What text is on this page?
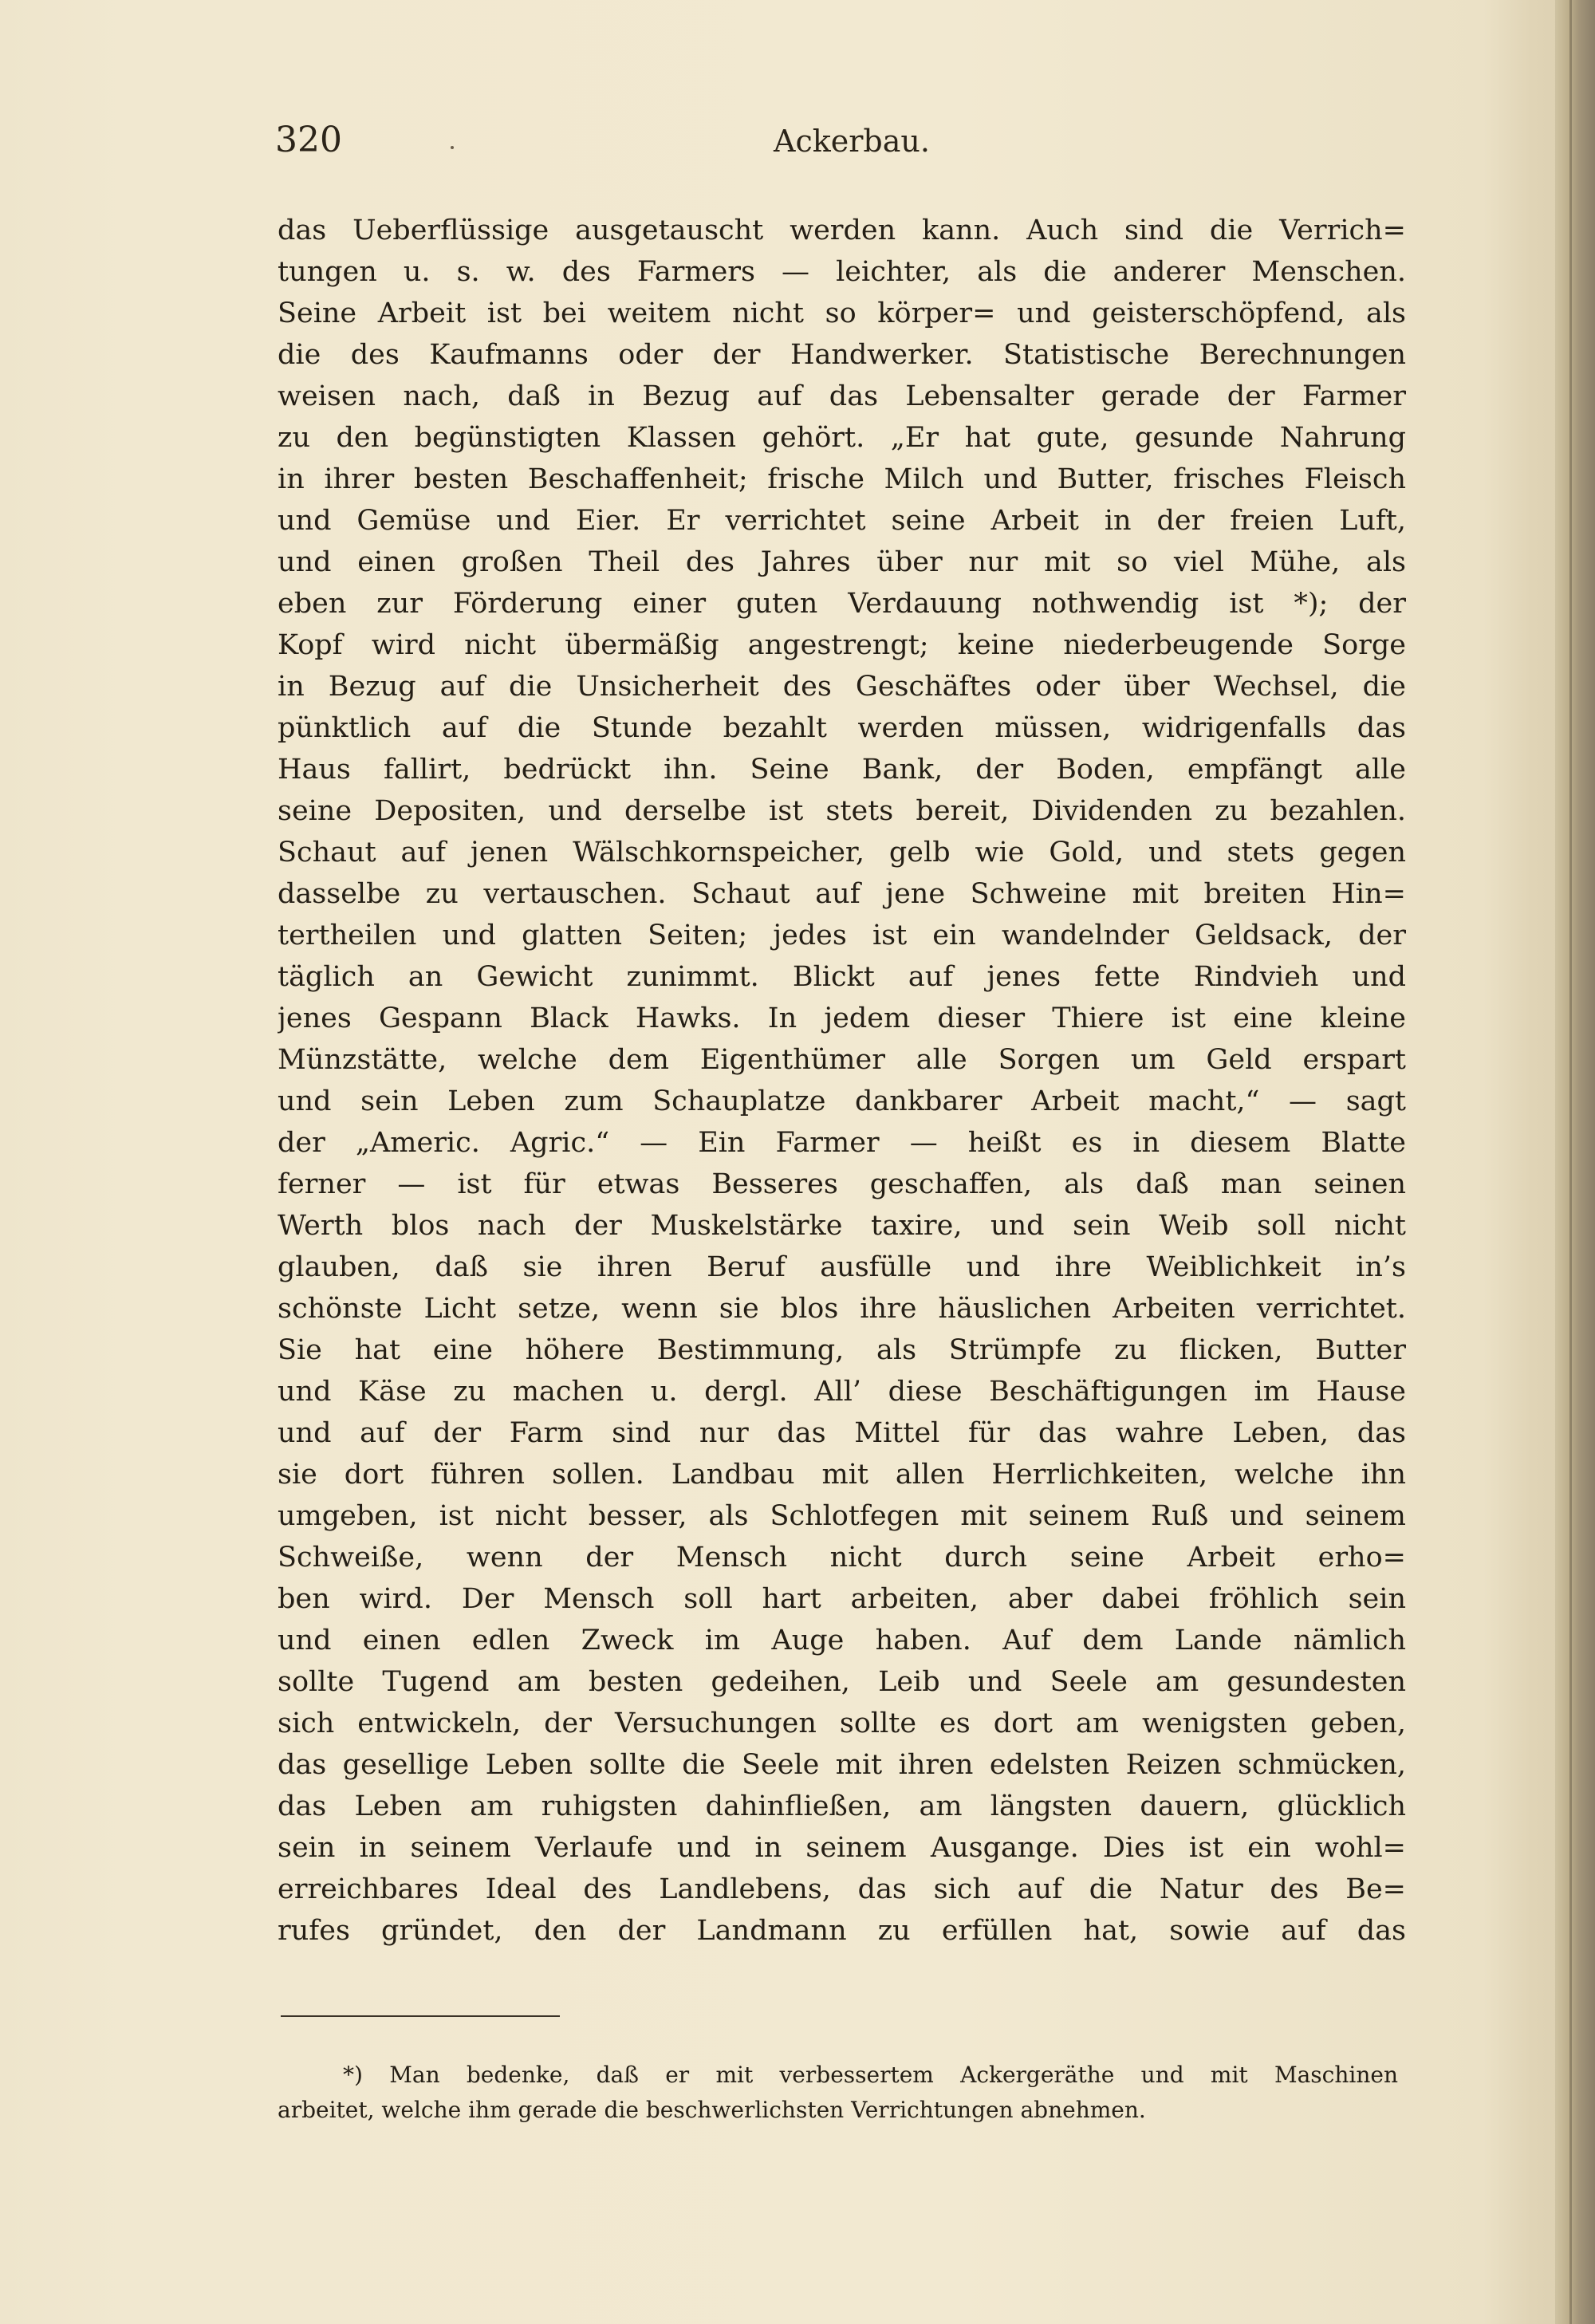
320	Ackerbau.
das Ueberflüssige ausgetauscht werden kann. Auch sind die Verrich=
tungen u. s. w. des Farmers — leichter, als die anderer Menschen.
Seine Arbeit ist bei weitem nicht so körper= und geisterschöpfend, als
die des Kaufmanns oder der Handwerker. Statistische Berechnungen
weisen nach, daß in Bezug auf das Lebensalter gerade der Farmer
zu den begünstigten Klassen gehört. „Er hat gute, gesunde Nahrung
in ihrer besten Beschaffenheit; frische Milch und Butter, frisches Fleisch
und Gemüse und Eier. Er verrichtet seine Arbeit in der freien Luft,
und einen großen Theil des Jahres über nur mit so viel Mühe, als
eben zur Förderung einer guten Verdauung nothwendig ist *); der
Kopf wird nicht übermäßig angestrengt; keine niederbeugende Sorge
in Bezug auf die Unsicherheit des Geschäftes oder über Wechsel, die
pünktlich auf die Stunde bezahlt werden müssen, widrigenfalls das
Haus fallirt, bedrückt ihn. Seine Bank, der Boden, empfängt alle
seine Depositen, und derselbe ist stets bereit, Dividenden zu bezahlen.
Schaut auf jenen Wälschkornspeicher, gelb wie Gold, und stets gegen
dasselbe zu vertauschen. Schaut auf jene Schweine mit breiten Hin=
tertheilen und glatten Seiten; jedes ist ein wandelnder Geldsack, der
täglich an Gewicht zunimmt. Blickt auf jenes fette Rindvieh und
jenes Gespann Black Hawks. In jedem dieser Thiere ist eine kleine
Münzstätte, welche dem Eigenthümer alle Sorgen um Geld erspart
und sein Leben zum Schauplatze dankbarer Arbeit macht,“ — sagt
der „Americ. Agric.“ — Ein Farmer — heißt es in diesem Blatte
ferner — ist für etwas Besseres geschaffen, als daß man seinen
Werth blos nach der Muskelstärke taxire, und sein Weib soll nicht
glauben, daß sie ihren Beruf ausfülle und ihre Weiblichkeit in’s
schönste Licht setze, wenn sie blos ihre häuslichen Arbeiten verrichtet.
Sie hat eine höhere Bestimmung, als Strümpfe zu flicken, Butter
und Käse zu machen u. dergl. All’ diese Beschäftigungen im Hause
und auf der Farm sind nur das Mittel für das wahre Leben, das
sie dort führen sollen. Landbau mit allen Herrlichkeiten, welche ihn
umgeben, ist nicht besser, als Schlotfegen mit seinem Ruß und seinem
Schweiße, wenn der Mensch nicht durch seine Arbeit erho=
ben wird. Der Mensch soll hart arbeiten, aber dabei fröhlich sein
und einen edlen Zweck im Auge haben. Auf dem Lande nämlich
sollte Tugend am besten gedeihen, Leib und Seele am gesundesten
sich entwickeln, der Versuchungen sollte es dort am wenigsten geben,
das gesellige Leben sollte die Seele mit ihren edelsten Reizen schmücken,
das Leben am ruhigsten dahinfließen, am längsten dauern, glücklich
sein in seinem Verlaufe und in seinem Ausgange. Dies ist ein wohl=
erreichbares Ideal des Landlebens, das sich auf die Natur des Be=
rufes gründet, den der Landmann zu erfüllen hat, sowie auf das
*) Man bedenke, daß er mit verbessertem Ackergeräthe und mit Maschinen
arbeitet, welche ihm gerade die beschwerlichsten Verrichtungen abnehmen.
